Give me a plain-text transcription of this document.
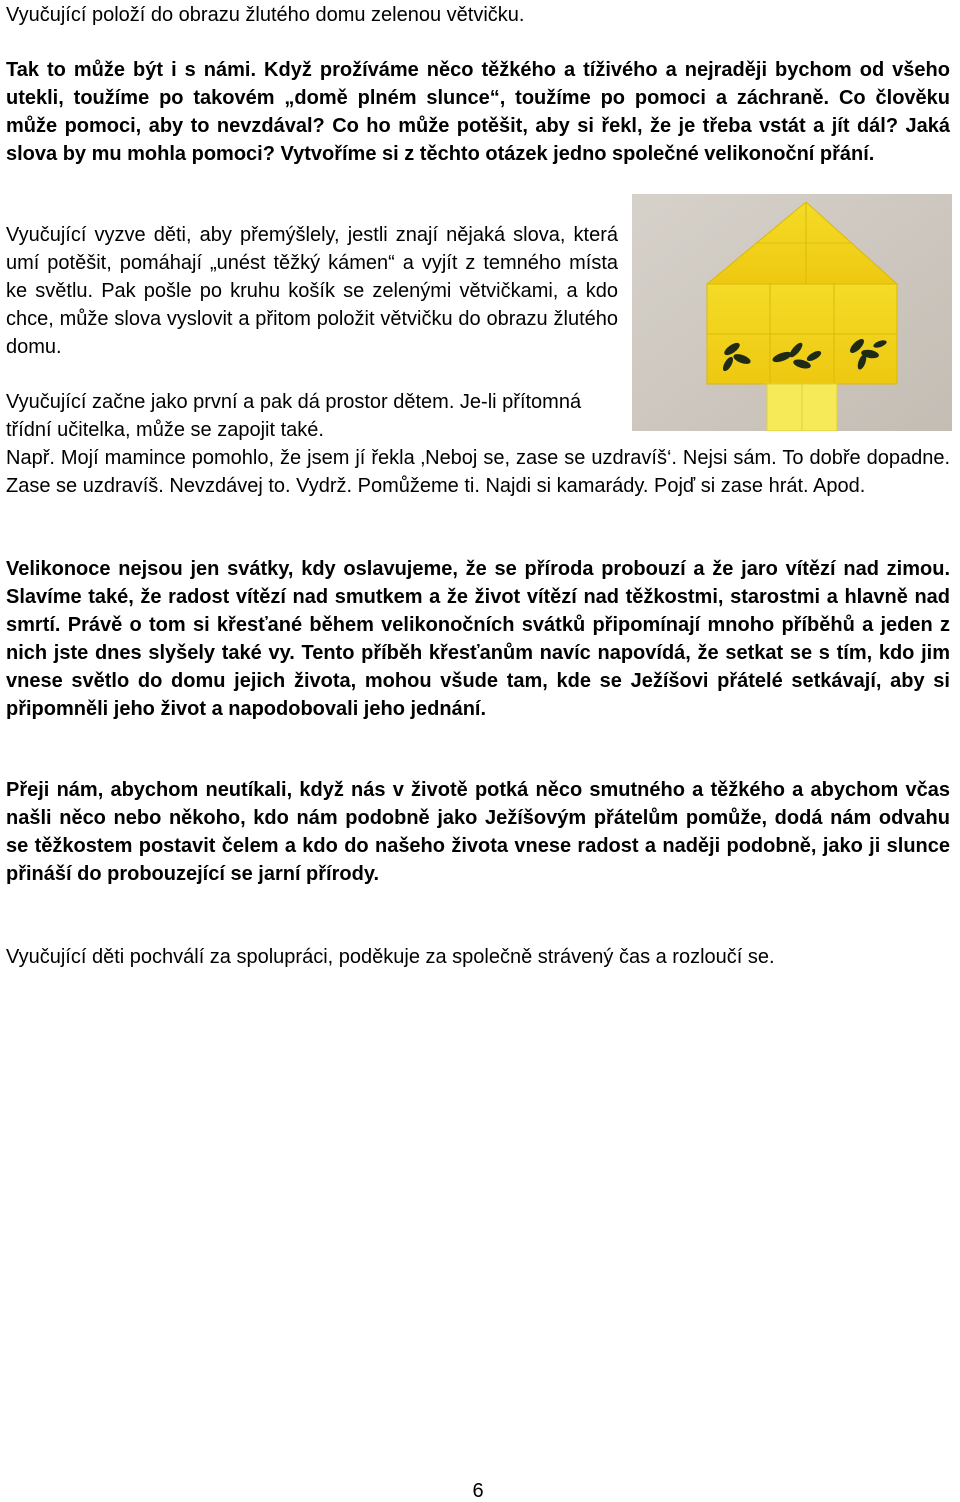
Vyučující položí do obrazu žlutého domu zelenou větvičku.

Tak to může být i s námi. Když prožíváme něco těžkého a tíživého a nejraději bychom od všeho utekli, toužíme po takovém „domě plném slunce“, toužíme po pomoci a záchraně. Co člověku může pomoci, aby to nevzdával? Co ho může potěšit, aby si řekl, že je třeba vstát a jít dál? Jaká slova by mu mohla pomoci? Vytvoříme si z těchto otázek jedno společné velikonoční přání.

Vyučující vyzve děti, aby přemýšlely, jestli znají nějaká slova, která umí potěšit, pomáhají „unést těžký kámen“ a vyjít z temného místa ke světlu. Pak pošle po kruhu košík se zelenými větvičkami, a kdo chce, může slova vyslovit a přitom položit větvičku do obrazu žlutého domu.

Vyučující začne jako první a pak dá prostor dětem. Je-li přítomná třídní učitelka, může se zapojit také.

Např. Mojí mamince pomohlo, že jsem jí řekla ‚Neboj se, zase se uzdravíš‘. Nejsi sám. To dobře dopadne. Zase se uzdravíš. Nevzdávej to. Vydrž. Pomůžeme ti. Najdi si kamarády. Pojď si zase hrát. Apod.

Velikonoce nejsou jen svátky, kdy oslavujeme, že se příroda probouzí a že jaro vítězí nad zimou. Slavíme také, že radost vítězí nad smutkem a že život vítězí nad těžkostmi, starostmi a hlavně nad smrtí. Právě o tom si křesťané během velikonočních svátků připomínají mnoho příběhů a jeden z nich jste dnes slyšely také vy. Tento příběh křesťanům navíc napovídá, že setkat se s tím, kdo jim vnese světlo do domu jejich života, mohou všude tam, kde se Ježíšovi přátelé setkávají, aby si připomněli jeho život a napodobovali jeho jednání.

Přeji nám, abychom neutíkali, když nás v životě potká něco smutného a těžkého a abychom včas našli něco nebo někoho, kdo nám podobně jako Ježíšovým přátelům pomůže, dodá nám odvahu se těžkostem postavit čelem a kdo do našeho života vnese radost a naději podobně, jako ji slunce přináší do probouzející se jarní přírody.

Vyučující děti pochválí za spolupráci, poděkuje za společně strávený čas a rozloučí se.

6
